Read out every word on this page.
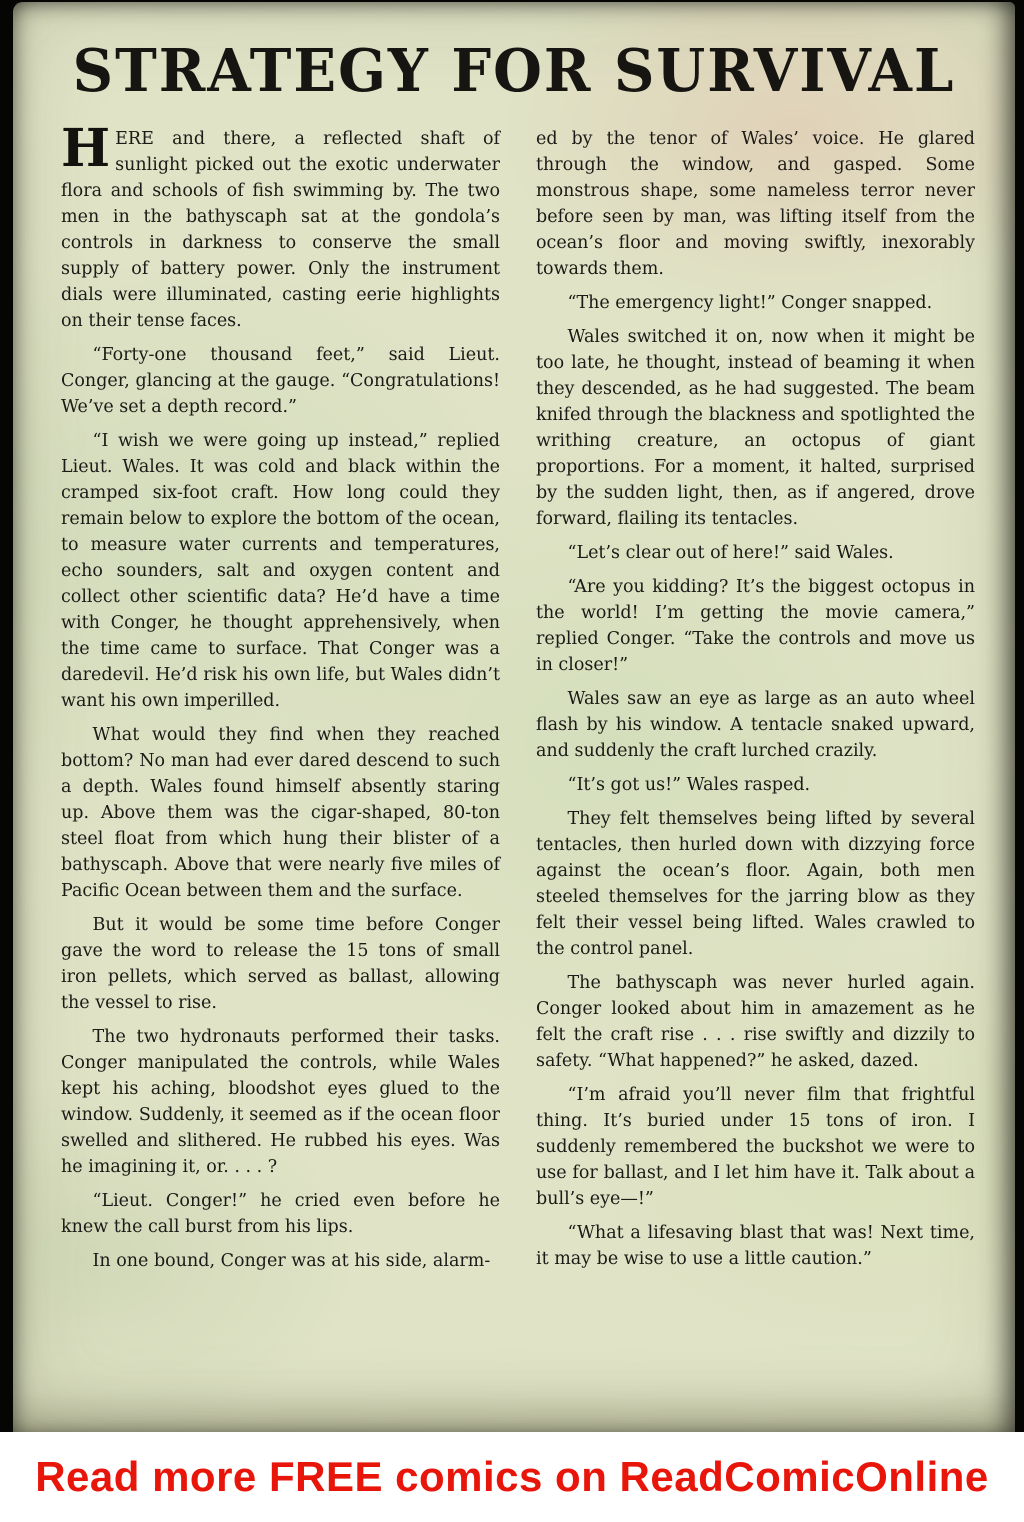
STRATEGY FOR SURVIVAL

HERE and there, a reflected shaft of sunlight picked out the exotic underwater flora and schools of fish swimming by. The two men in the bathyscaph sat at the gondola’s controls in darkness to conserve the small supply of battery power. Only the instrument dials were illuminated, casting eerie highlights on their tense faces.

“Forty-one thousand feet,” said Lieut. Conger, glancing at the gauge. “Congratulations! We’ve set a depth record.”

“I wish we were going up instead,” replied Lieut. Wales. It was cold and black within the cramped six-foot craft. How long could they remain below to explore the bottom of the ocean, to measure water currents and temperatures, echo sounders, salt and oxygen content and collect other scientific data? He’d have a time with Conger, he thought apprehensively, when the time came to surface. That Conger was a daredevil. He’d risk his own life, but Wales didn’t want his own imperilled.

What would they find when they reached bottom? No man had ever dared descend to such a depth. Wales found himself absently staring up. Above them was the cigar-shaped, 80-ton steel float from which hung their blister of a bathyscaph. Above that were nearly five miles of Pacific Ocean between them and the surface.

But it would be some time before Conger gave the word to release the 15 tons of small iron pellets, which served as ballast, allowing the vessel to rise.

The two hydronauts performed their tasks. Conger manipulated the controls, while Wales kept his aching, bloodshot eyes glued to the window. Suddenly, it seemed as if the ocean floor swelled and slithered. He rubbed his eyes. Was he imagining it, or. . . . ?

“Lieut. Conger!” he cried even before he knew the call burst from his lips.

In one bound, Conger was at his side, alarm-

ed by the tenor of Wales’ voice. He glared through the window, and gasped. Some monstrous shape, some nameless terror never before seen by man, was lifting itself from the ocean’s floor and moving swiftly, inexorably towards them.

“The emergency light!” Conger snapped.

Wales switched it on, now when it might be too late, he thought, instead of beaming it when they descended, as he had suggested. The beam knifed through the blackness and spotlighted the writhing creature, an octopus of giant proportions. For a moment, it halted, surprised by the sudden light, then, as if angered, drove forward, flailing its tentacles.

“Let’s clear out of here!” said Wales.

“Are you kidding? It’s the biggest octopus in the world! I’m getting the movie camera,” replied Conger. “Take the controls and move us in closer!”

Wales saw an eye as large as an auto wheel flash by his window. A tentacle snaked upward, and suddenly the craft lurched crazily.

“It’s got us!” Wales rasped.

They felt themselves being lifted by several tentacles, then hurled down with dizzying force against the ocean’s floor. Again, both men steeled themselves for the jarring blow as they felt their vessel being lifted. Wales crawled to the control panel.

The bathyscaph was never hurled again. Conger looked about him in amazement as he felt the craft rise . . . rise swiftly and dizzily to safety. “What happened?” he asked, dazed.

“I’m afraid you’ll never film that frightful thing. It’s buried under 15 tons of iron. I suddenly remembered the buckshot we were to use for ballast, and I let him have it. Talk about a bull’s eye—!”

“What a lifesaving blast that was! Next time, it may be wise to use a little caution.”

Read more FREE comics on ReadComicOnline
